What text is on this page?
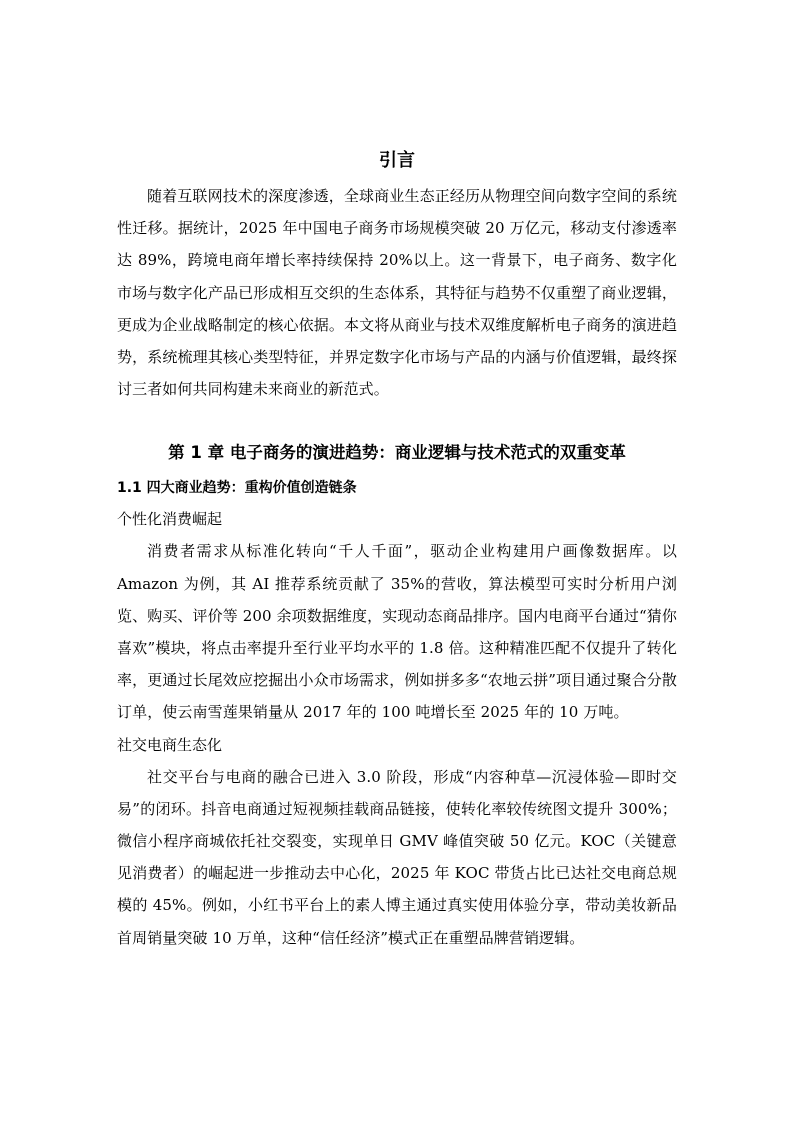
引言

随着互联网技术的深度渗透，全球商业生态正经历从物理空间向数字空间的系统性迁移。据统计，2025 年中国电子商务市场规模突破 20 万亿元，移动支付渗透率达 89%，跨境电商年增长率持续保持 20%以上。这一背景下，电子商务、数字化市场与数字化产品已形成相互交织的生态体系，其特征与趋势不仅重塑了商业逻辑，更成为企业战略制定的核心依据。本文将从商业与技术双维度解析电子商务的演进趋势，系统梳理其核心类型特征，并界定数字化市场与产品的内涵与价值逻辑，最终探讨三者如何共同构建未来商业的新范式。

第 1 章 电子商务的演进趋势：商业逻辑与技术范式的双重变革
1.1 四大商业趋势：重构价值创造链条
个性化消费崛起

消费者需求从标准化转向“千人千面”，驱动企业构建用户画像数据库。以 Amazon 为例，其 AI 推荐系统贡献了 35%的营收，算法模型可实时分析用户浏览、购买、评价等 200 余项数据维度，实现动态商品排序。国内电商平台通过“猜你喜欢”模块，将点击率提升至行业平均水平的 1.8 倍。这种精准匹配不仅提升了转化率，更通过长尾效应挖掘出小众市场需求，例如拼多多“农地云拼”项目通过聚合分散订单，使云南雪莲果销量从 2017 年的 100 吨增长至 2025 年的 10 万吨。

社交电商生态化

社交平台与电商的融合已进入 3.0 阶段，形成“内容种草—沉浸体验—即时交易”的闭环。抖音电商通过短视频挂载商品链接，使转化率较传统图文提升 300%；微信小程序商城依托社交裂变，实现单日 GMV 峰值突破 50 亿元。KOC（关键意见消费者）的崛起进一步推动去中心化，2025 年 KOC 带货占比已达社交电商总规模的 45%。例如，小红书平台上的素人博主通过真实使用体验分享，带动美妆新品首周销量突破 10 万单，这种“信任经济”模式正在重塑品牌营销逻辑。
